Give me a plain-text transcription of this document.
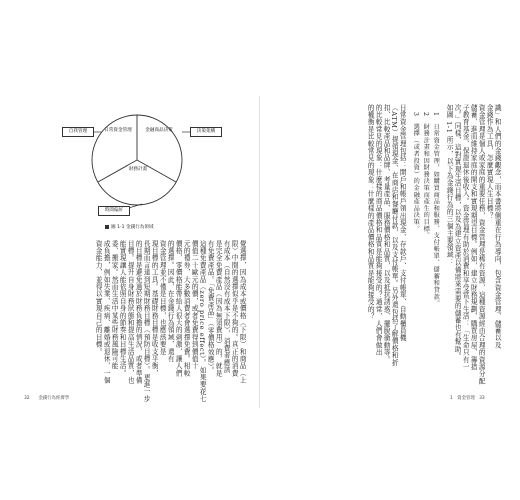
自我管理	日常資金管理	金融商品決策	決策架構
財務計畫
時間偏好
圖 1-1 金錢行為領域
覺選擇，因為成本或價格（下限）和商品（上
限）中間的選擇似乎是不夠的。真正的消費
有成本（自然沒有成本下限），消費者應該
是完全免費產品（因為無須費用）的，就是
有免費產品。「免費產品」（零價格效應）。
這種免費產品（zero price effect）。如果要花七
價值二十歐元的價，或者免費得到價值十
元的禮券，大多數消費者會選擇免費。相較
價格，零價格能帶給人很大的刺激，讓人們
的選擇。因此，在金錢行為領域，還有
資金管理並不僅是目標，也應該要是
現目標的工具。基礎財務目標是收支平衡，
長期而言達到短期財務目標（預防目標）。更進一步
的目標是避免過於財務負擔的情況，或者準備
目標。提升自身財務狀態和提高生活品質，也
能實現讓人能依照自身的節奏和目標生活。
委、搬家。然而生活中某些財務風險可能
成負擔，例如失業、疾病、離婚或退休，一個
資金能力，並得以實現自己的目標。	識」和人們的金錢觀念，而本書將側重在行為導向，包含資金管理、儲蓄以及
金錢作為工具，怎麼實現人生目標？
資金管理是個人或家庭的重要任務，資金管理是稀有資源，這種資源經由合理的資源分配
儲蓄，進而維持家庭的開支和實現期望目標。例如，建立財務規劃、購買房屋、籌措
子教育基金、保證退休後收入。資金管理有助於消費和享受當下生活：「生命只有一
次。」同樣，這對實現生活目標，以及為建立資產以備將來需要的儲蓄也有幫助。
如圖 1-1 所示，以下為金錢行為的三個主要領域：
1　日常資金管理，如購買商品和服務、支付帳單、儲蓄和貸款。
2　財務計畫和因財務決策而產生的目標。
3　選擇（或者投資）的金融產品決策。
日常資金管理包括：開戶和帳戶領出現金、存款戶、支付帳單、自動櫃員機
（ATM）提領現金、在商店和餐廳付款，以及支付帳單。另外還包括了解價格和折
扣、比較產品和品牌、考量產品、服務價格和品質，以及抵抗誘惑、擺脫衝動等。
的比較常見的現象：什麼樣的商品價格和品質是能夠接受的？通常，人們會做出
的權衡是比較常見的現象：什麼樣的產品價格和品質是能夠接受的？
32　　金錢行為經濟學	1　資金管理　33
